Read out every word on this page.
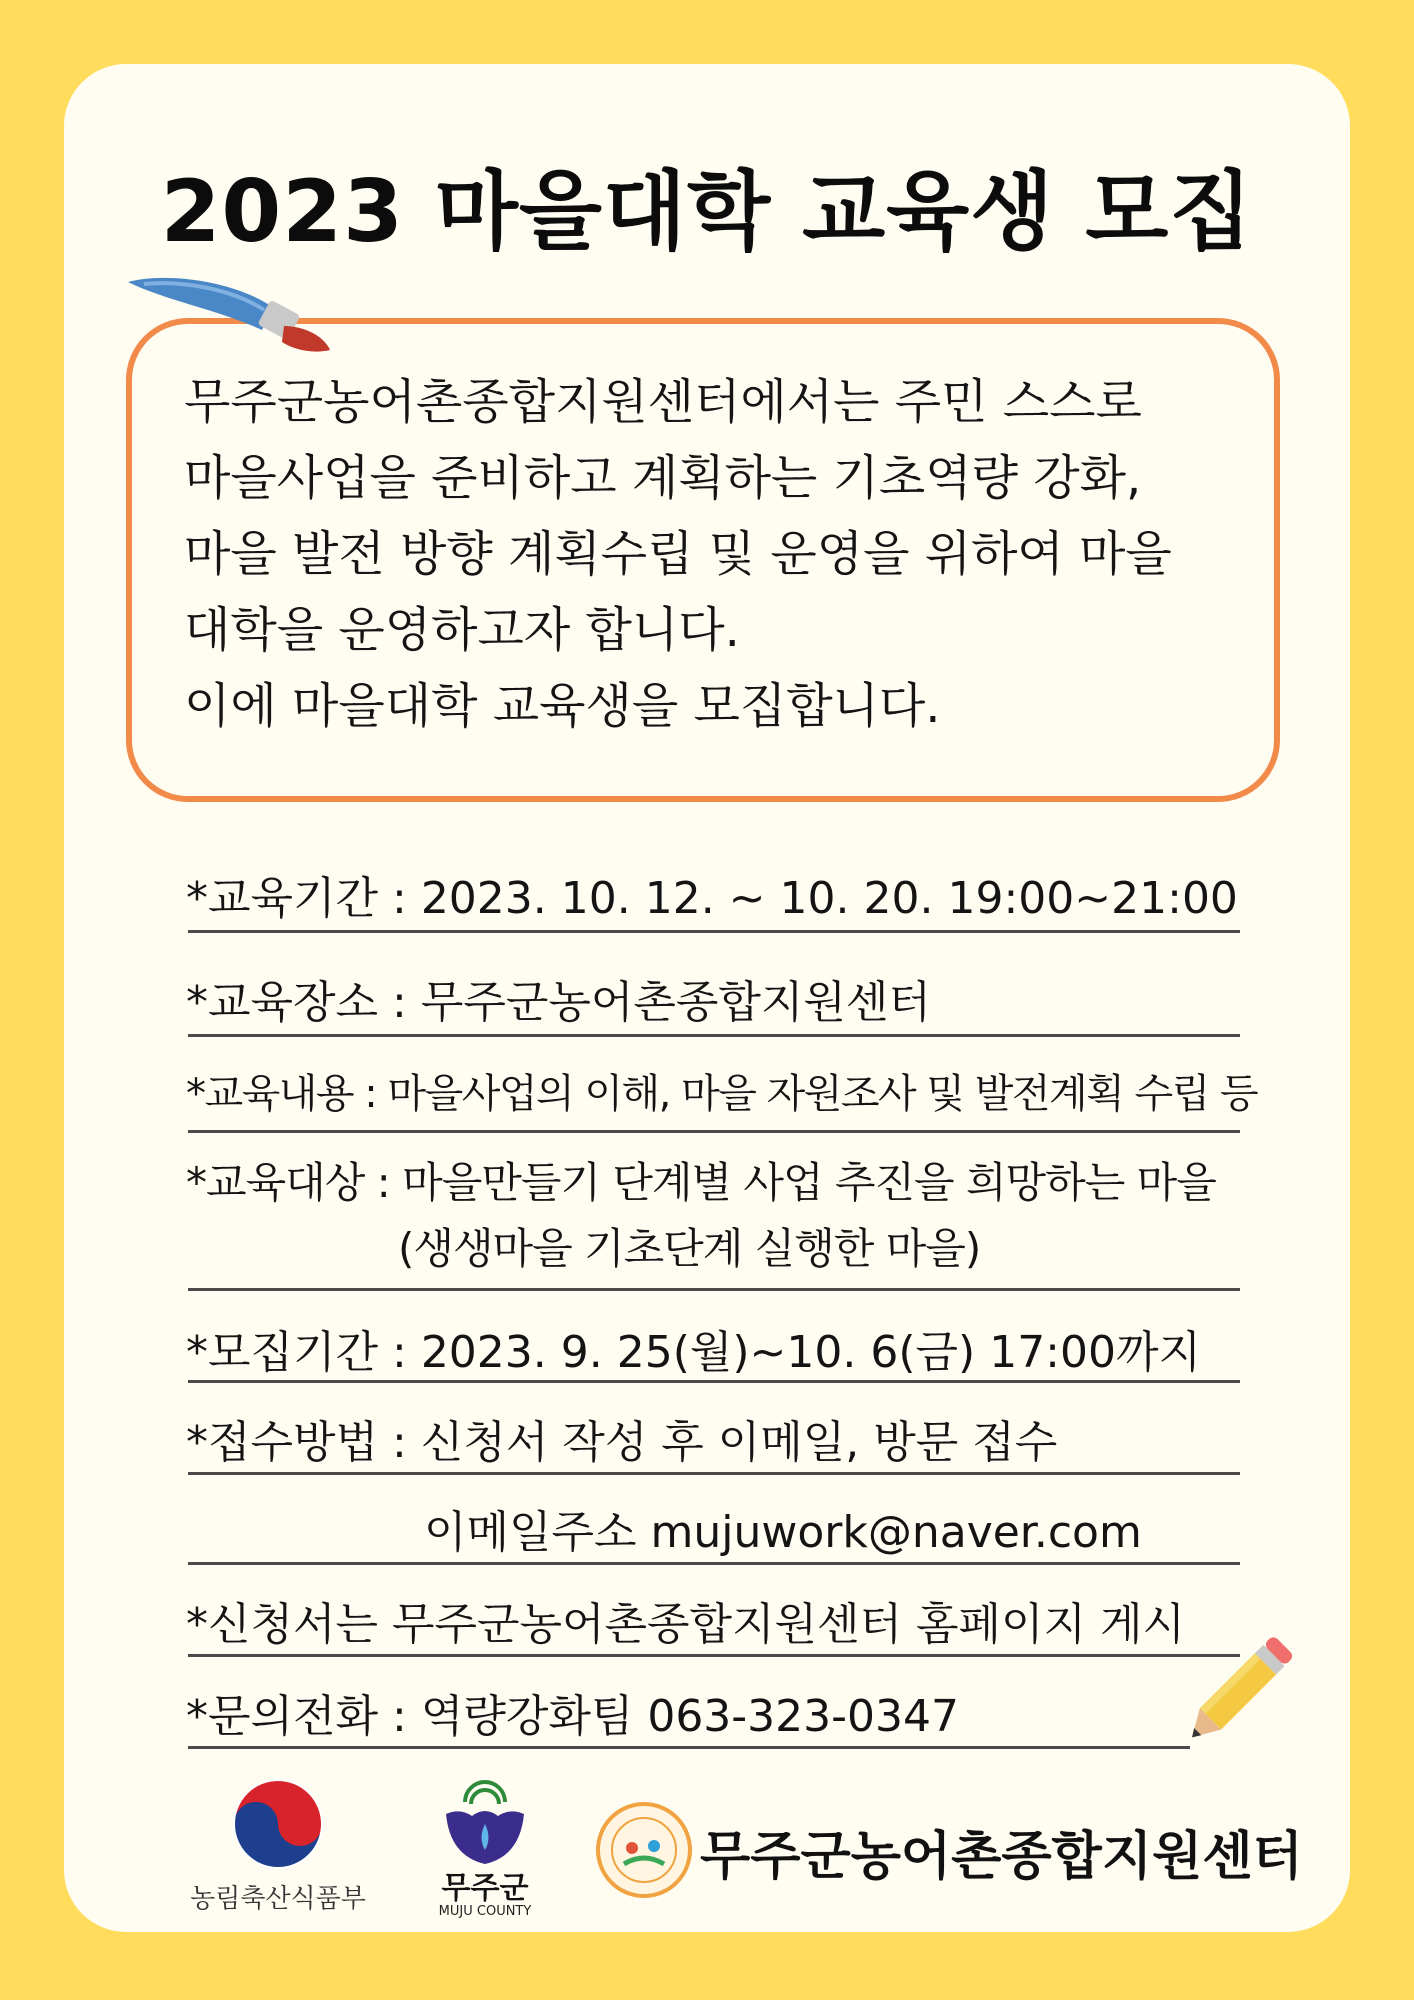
2023 마을대학 교육생 모집
무주군농어촌종합지원센터에서는 주민 스스로
마을사업을 준비하고 계획하는 기초역량 강화,
마을 발전 방향 계획수립 및 운영을 위하여 마을
대학을 운영하고자 합니다.
이에 마을대학 교육생을 모집합니다.
*교육기간 : 2023. 10. 12. ~ 10. 20. 19:00~21:00
*교육장소 : 무주군농어촌종합지원센터
*교육내용 : 마을사업의 이해, 마을 자원조사 및 발전계획 수립 등
*교육대상 : 마을만들기 단계별 사업 추진을 희망하는 마을
(생생마을 기초단계 실행한 마을)
*모집기간 : 2023. 9. 25(월)~10. 6(금) 17:00까지
*접수방법 : 신청서 작성 후 이메일, 방문 접수
이메일주소 mujuwork@naver.com
*신청서는 무주군농어촌종합지원센터 홈페이지 게시
*문의전화 : 역량강화팀 063-323-0347
농림축산식품부	무주군
MUJU COUNTY
무주군농어촌종합지원센터
